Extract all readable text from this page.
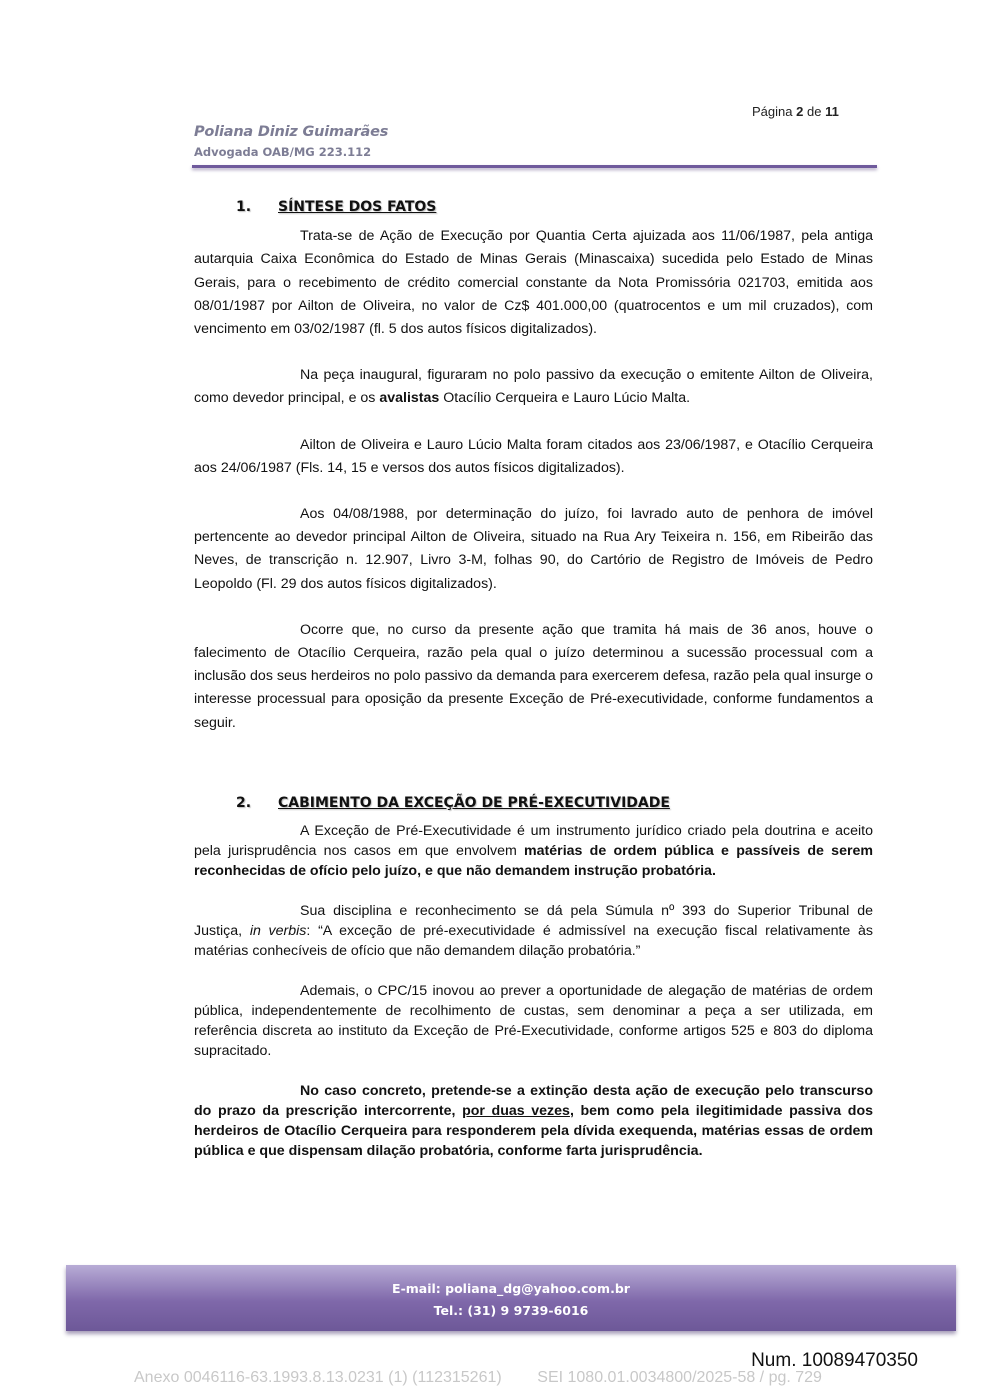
Página 2 de 11
Poliana Diniz Guimarães
Advogada OAB/MG 223.112
1. SÍNTESE DOS FATOS

Trata-se de Ação de Execução por Quantia Certa ajuizada aos 11/06/1987, pela antiga autarquia Caixa Econômica do Estado de Minas Gerais (Minascaixa) sucedida pelo Estado de Minas Gerais, para o recebimento de crédito comercial constante da Nota Promissória 021703, emitida aos 08/01/1987 por Ailton de Oliveira, no valor de Cz$ 401.000,00 (quatrocentos e um mil cruzados), com vencimento em 03/02/1987 (fl. 5 dos autos físicos digitalizados).

Na peça inaugural, figuraram no polo passivo da execução o emitente Ailton de Oliveira, como devedor principal, e os avalistas Otacílio Cerqueira e Lauro Lúcio Malta.

Ailton de Oliveira e Lauro Lúcio Malta foram citados aos 23/06/1987, e Otacílio Cerqueira aos 24/06/1987 (Fls. 14, 15 e versos dos autos físicos digitalizados).

Aos 04/08/1988, por determinação do juízo, foi lavrado auto de penhora de imóvel pertencente ao devedor principal Ailton de Oliveira, situado na Rua Ary Teixeira n. 156, em Ribeirão das Neves, de transcrição n. 12.907, Livro 3-M, folhas 90, do Cartório de Registro de Imóveis de Pedro Leopoldo (Fl. 29 dos autos físicos digitalizados).

Ocorre que, no curso da presente ação que tramita há mais de 36 anos, houve o falecimento de Otacílio Cerqueira, razão pela qual o juízo determinou a sucessão processual com a inclusão dos seus herdeiros no polo passivo da demanda para exercerem defesa, razão pela qual insurge o interesse processual para oposição da presente Exceção de Pré-executividade, conforme fundamentos a seguir.

2. CABIMENTO DA EXCEÇÃO DE PRÉ-EXECUTIVIDADE

A Exceção de Pré-Executividade é um instrumento jurídico criado pela doutrina e aceito pela jurisprudência nos casos em que envolvem matérias de ordem pública e passíveis de serem reconhecidas de ofício pelo juízo, e que não demandem instrução probatória.

Sua disciplina e reconhecimento se dá pela Súmula nº 393 do Superior Tribunal de Justiça, in verbis: “A exceção de pré-executividade é admissível na execução fiscal relativamente às matérias conhecíveis de ofício que não demandem dilação probatória.”

Ademais, o CPC/15 inovou ao prever a oportunidade de alegação de matérias de ordem pública, independentemente de recolhimento de custas, sem denominar a peça a ser utilizada, em referência discreta ao instituto da Exceção de Pré-Executividade, conforme artigos 525 e 803 do diploma supracitado.

No caso concreto, pretende-se a extinção desta ação de execução pelo transcurso do prazo da prescrição intercorrente, por duas vezes, bem como pela ilegitimidade passiva dos herdeiros de Otacílio Cerqueira para responderem pela dívida exequenda, matérias essas de ordem pública e que dispensam dilação probatória, conforme farta jurisprudência.

E-mail: poliana_dg@yahoo.com.br
Tel.: (31) 9 9739-6016
Num. 10089470350
Anexo 0046116-63.1993.8.13.0231 (1) (112315261)        SEI 1080.01.0034800/2025-58 / pg. 729
